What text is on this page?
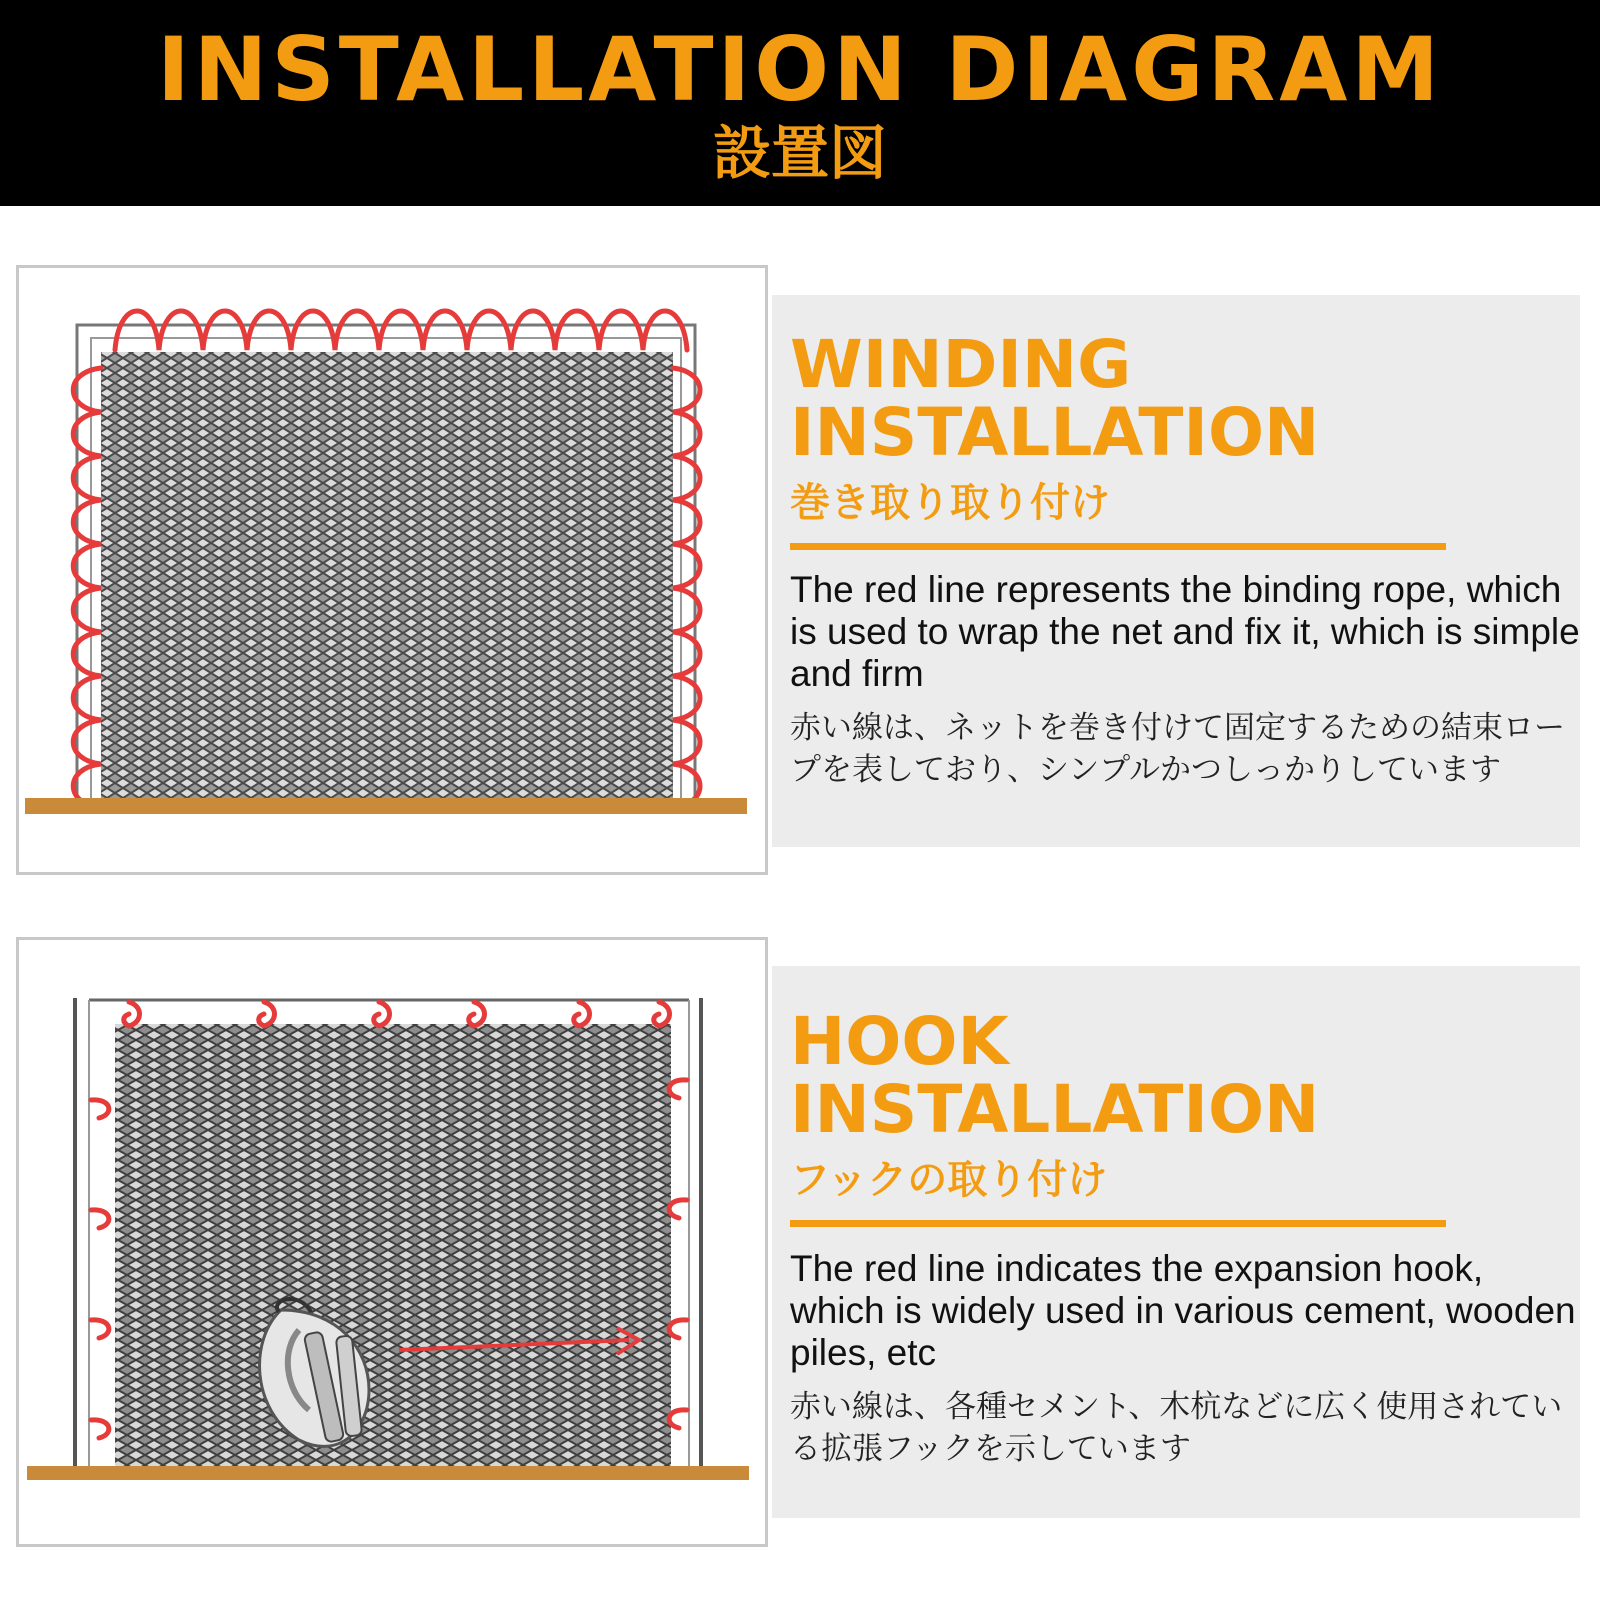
INSTALLATION DIAGRAM
設置図
WINDING
INSTALLATION
巻き取り取り付け
The red line represents the binding rope, which is used to wrap the net and fix it, which is simple and firm
赤い線は、ネットを巻き付けて固定するための結束ロープを表しており、シンプルかつしっかりしています
HOOK
INSTALLATION
フックの取り付け
The red line indicates the expansion hook, which is widely used in various cement, wooden piles, etc
赤い線は、各種セメント、木杭などに広く使用されている拡張フックを示しています
